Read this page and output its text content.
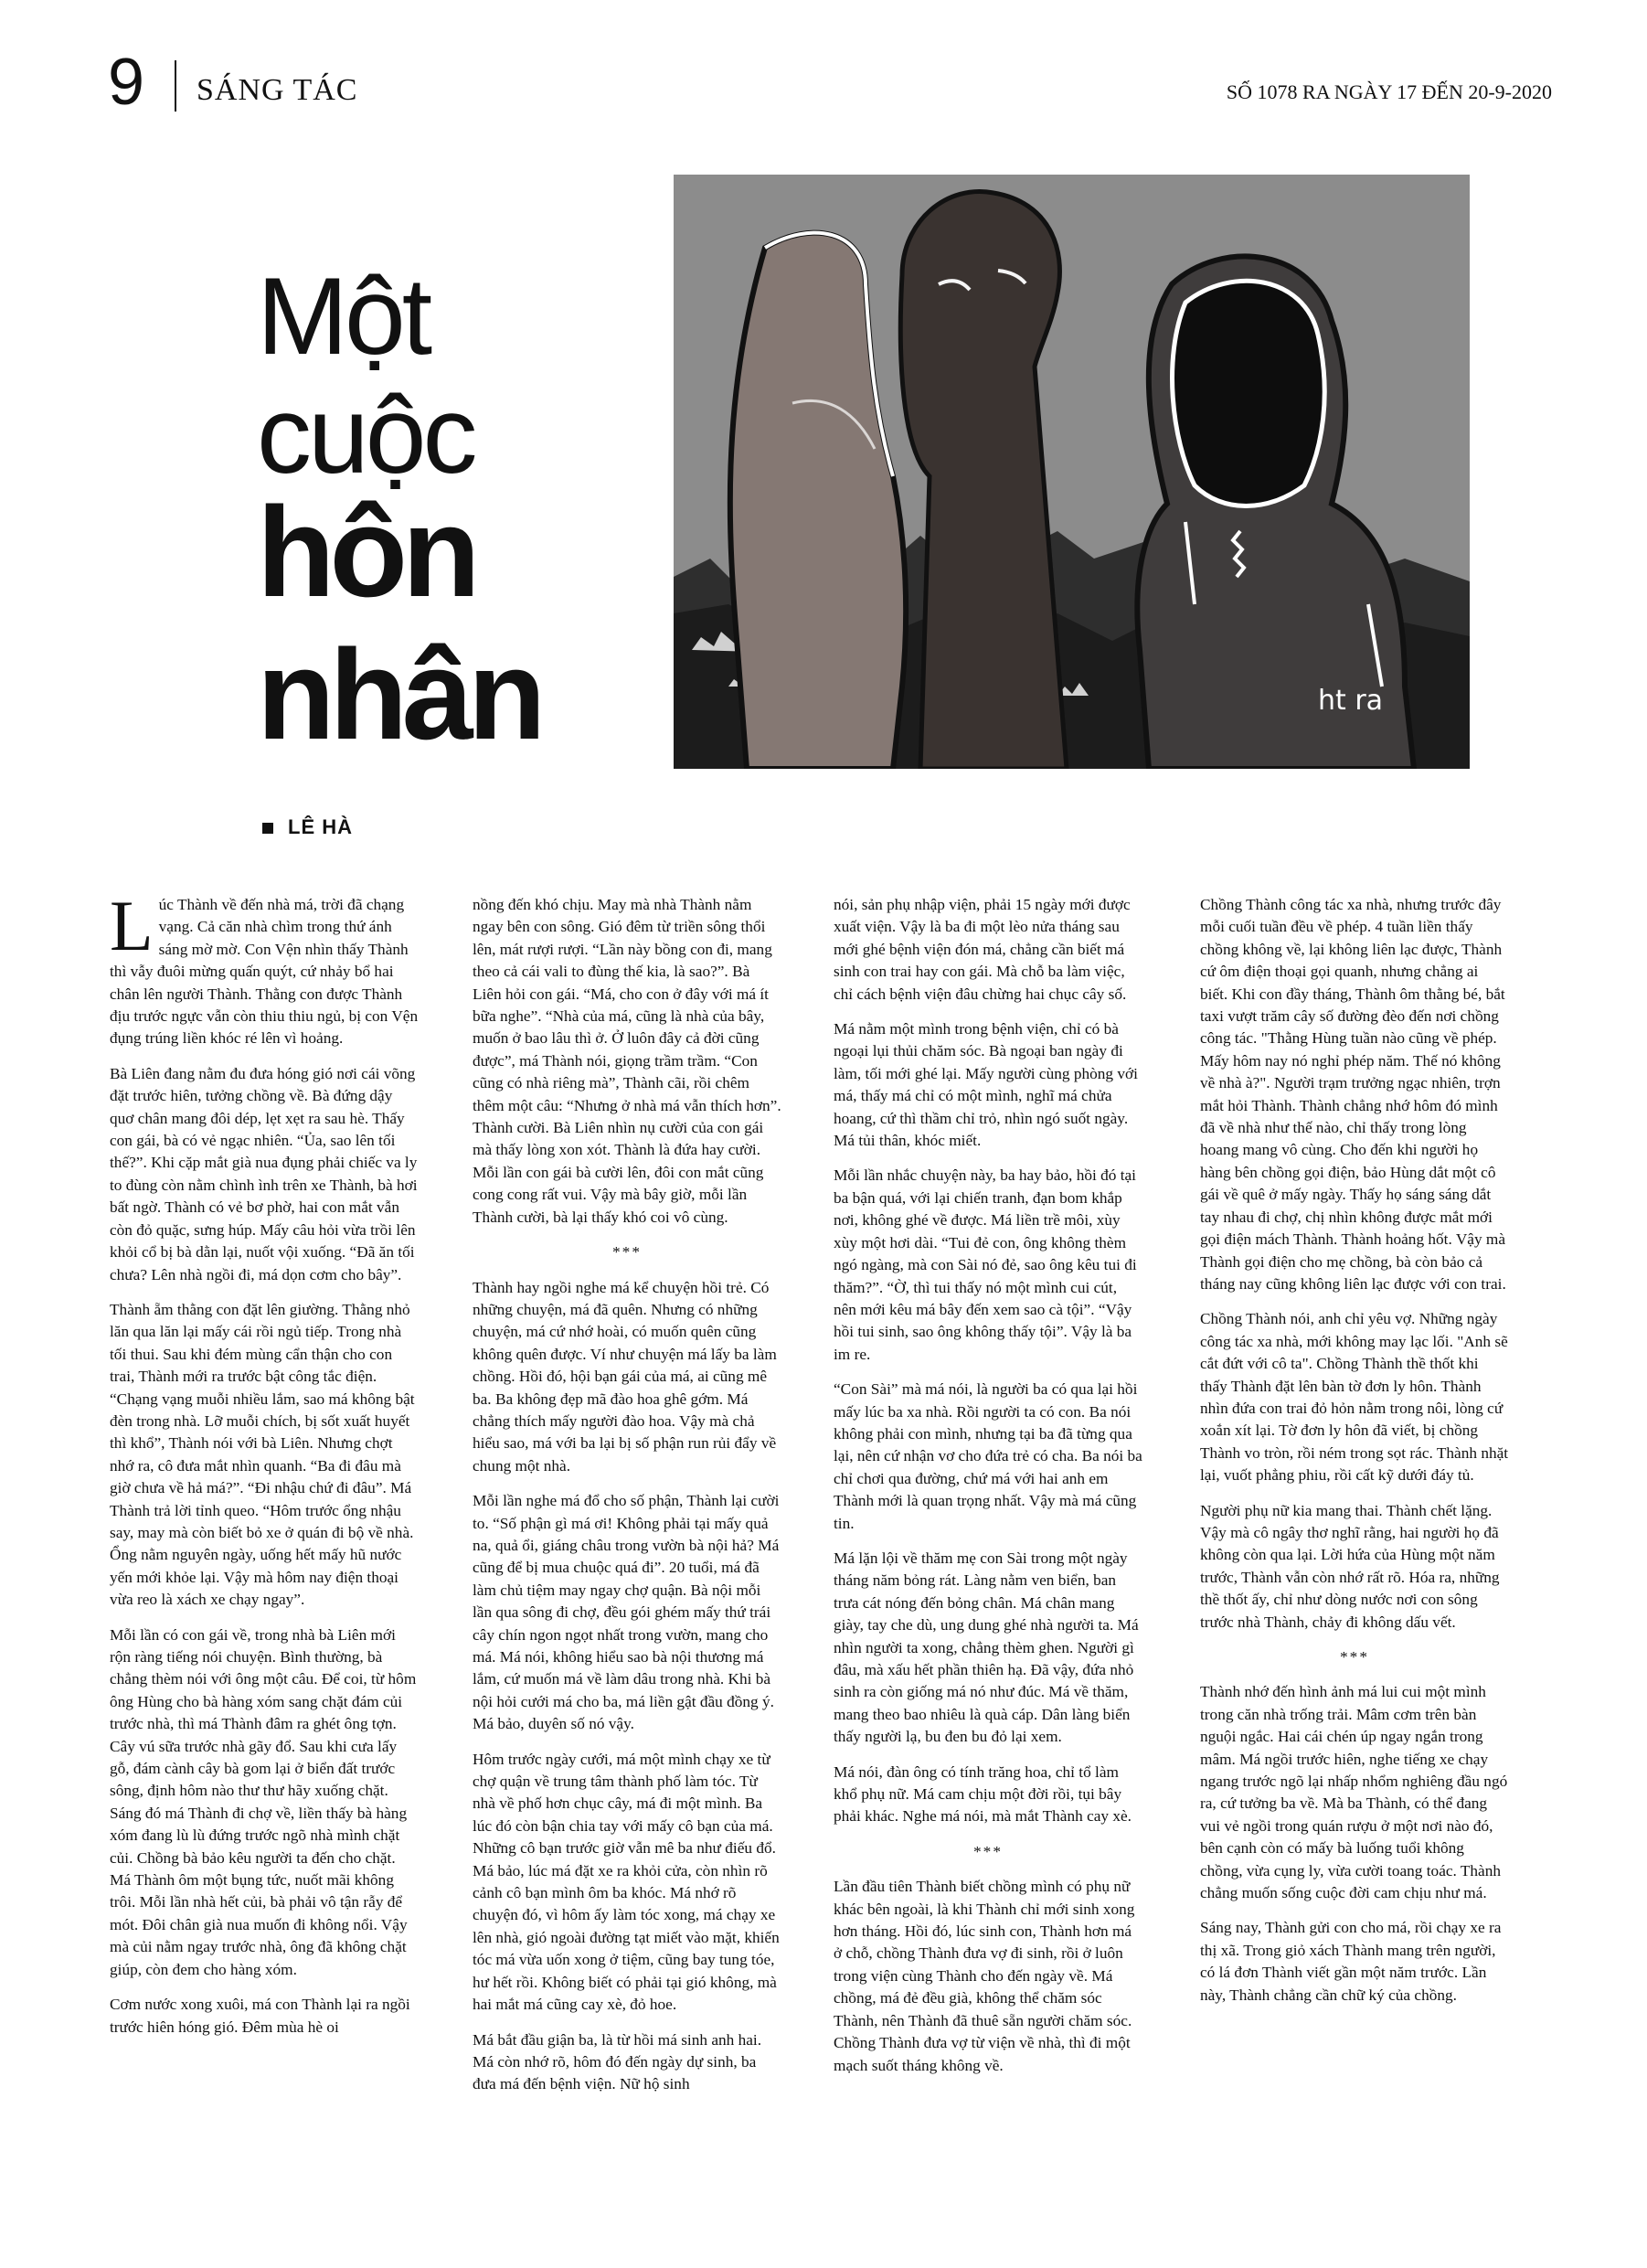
9 SÁNG TÁC	SỐ 1078 RA NGÀY 17 ĐẾN 20-9-2020
Một
cuộc
hôn
nhân
LÊ HÀ
ht ra

Lúc Thành về đến nhà má, trời đã chạng vạng. Cả căn nhà chìm trong thứ ánh sáng mờ mờ. Con Vện nhìn thấy Thành thì vẫy đuôi mừng quấn quýt, cứ nhảy bổ hai chân lên người Thành. Thằng con được Thành địu trước ngực vẫn còn thiu thiu ngủ, bị con Vện đụng trúng liền khóc ré lên vì hoảng.

Bà Liên đang nằm đu đưa hóng gió nơi cái võng đặt trước hiên, tưởng chồng về. Bà đứng dậy quơ chân mang đôi dép, lẹt xẹt ra sau hè. Thấy con gái, bà có vẻ ngạc nhiên. “Ủa, sao lên tối thế?”. Khi cặp mắt già nua đụng phải chiếc va ly to đùng còn nằm chình ình trên xe Thành, bà hơi bất ngờ. Thành có vẻ bơ phờ, hai con mắt vẫn còn đỏ quặc, sưng húp. Mấy câu hỏi vừa trồi lên khỏi cổ bị bà dằn lại, nuốt vội xuống. “Đã ăn tối chưa? Lên nhà ngồi đi, má dọn cơm cho bây”.

Thành ẵm thằng con đặt lên giường. Thằng nhỏ lăn qua lăn lại mấy cái rồi ngủ tiếp. Trong nhà tối thui. Sau khi đém mùng cẩn thận cho con trai, Thành mới ra trước bật công tắc điện. “Chạng vạng muỗi nhiều lắm, sao má không bật đèn trong nhà. Lỡ muỗi chích, bị sốt xuất huyết thì khổ”, Thành nói với bà Liên. Nhưng chợt nhớ ra, cô đưa mắt nhìn quanh. “Ba đi đâu mà giờ chưa về hả má?”. “Đi nhậu chứ đi đâu”. Má Thành trả lời tỉnh queo. “Hôm trước ổng nhậu say, may mà còn biết bỏ xe ở quán đi bộ về nhà. Ổng nằm nguyên ngày, uống hết mấy hũ nước yến mới khỏe lại. Vậy mà hôm nay điện thoại vừa reo là xách xe chạy ngay”.

Mỗi lần có con gái về, trong nhà bà Liên mới rộn ràng tiếng nói chuyện. Bình thường, bà chẳng thèm nói với ông một câu. Để coi, từ hôm ông Hùng cho bà hàng xóm sang chặt đám củi trước nhà, thì má Thành đâm ra ghét ông tợn. Cây vú sữa trước nhà gãy đổ. Sau khi cưa lấy gỗ, đám cành cây bà gom lại ở biển đất trước sông, định hôm nào thư thư hãy xuống chặt. Sáng đó má Thành đi chợ về, liền thấy bà hàng xóm đang lù lù đứng trước ngõ nhà mình chặt củi. Chồng bà bảo kêu người ta đến cho chặt. Má Thành ôm một bụng tức, nuốt mãi không trôi. Mỗi lần nhà hết củi, bà phải vô tận rẫy để mót. Đôi chân già nua muốn đi không nổi. Vậy mà củi nằm ngay trước nhà, ông đã không chặt giúp, còn đem cho hàng xóm.

Cơm nước xong xuôi, má con Thành lại ra ngồi trước hiên hóng gió. Đêm mùa hè oi

nồng đến khó chịu. May mà nhà Thành nằm ngay bên con sông. Gió đêm từ triền sông thổi lên, mát rượi rượi. “Lần này bồng con đi, mang theo cả cái vali to đùng thế kia, là sao?”. Bà Liên hỏi con gái. “Má, cho con ở đây với má ít bữa nghe”. “Nhà của má, cũng là nhà của bây, muốn ở bao lâu thì ở. Ở luôn đây cả đời cũng được”, má Thành nói, giọng trầm trầm. “Con cũng có nhà riêng mà”, Thành cãi, rồi chêm thêm một câu: “Nhưng ở nhà má vẫn thích hơn”. Thành cười. Bà Liên nhìn nụ cười của con gái mà thấy lòng xon xót. Thành là đứa hay cười. Mỗi lần con gái bà cười lên, đôi con mắt cũng cong cong rất vui. Vậy mà bây giờ, mỗi lần Thành cười, bà lại thấy khó coi vô cùng.

***

Thành hay ngồi nghe má kể chuyện hồi trẻ. Có những chuyện, má đã quên. Nhưng có những chuyện, má cứ nhớ hoài, có muốn quên cũng không quên được. Ví như chuyện má lấy ba làm chồng. Hồi đó, hội bạn gái của má, ai cũng mê ba. Ba không đẹp mã đào hoa ghê gớm. Má chẳng thích mấy người đào hoa. Vậy mà chả hiểu sao, má với ba lại bị số phận run rủi đẩy về chung một nhà.

Mỗi lần nghe má đổ cho số phận, Thành lại cười to. “Số phận gì má ơi! Không phải tại mấy quả na, quả ổi, giáng châu trong vườn bà nội hả? Má cũng để bị mua chuộc quá đi”. 20 tuổi, má đã làm chủ tiệm may ngay chợ quận. Bà nội mỗi lần qua sông đi chợ, đều gói ghém mấy thứ trái cây chín ngon ngọt nhất trong vườn, mang cho má. Má nói, không hiểu sao bà nội thương má lắm, cứ muốn má về làm dâu trong nhà. Khi bà nội hỏi cưới má cho ba, má liền gật đầu đồng ý. Má bảo, duyên số nó vậy.

Hôm trước ngày cưới, má một mình chạy xe từ chợ quận về trung tâm thành phố làm tóc. Từ nhà về phố hơn chục cây, má đi một mình. Ba lúc đó còn bận chia tay với mấy cô bạn của má. Những cô bạn trước giờ vẫn mê ba như điếu đổ. Má bảo, lúc má đặt xe ra khỏi cửa, còn nhìn rõ cảnh cô bạn mình ôm ba khóc. Má nhớ rõ chuyện đó, vì hôm ấy làm tóc xong, má chạy xe lên nhà, gió ngoài đường tạt miết vào mặt, khiến tóc má vừa uốn xong ở tiệm, cũng bay tung tóe, hư hết rồi. Không biết có phải tại gió không, mà hai mắt má cũng cay xè, đỏ hoe.

Má bắt đầu giận ba, là từ hồi má sinh anh hai. Má còn nhớ rõ, hôm đó đến ngày dự sinh, ba đưa má đến bệnh viện. Nữ hộ sinh

nói, sản phụ nhập viện, phải 15 ngày mới được xuất viện. Vậy là ba đi một lèo nửa tháng sau mới ghé bệnh viện đón má, chẳng cần biết má sinh con trai hay con gái. Mà chỗ ba làm việc, chỉ cách bệnh viện đâu chừng hai chục cây số.

Má nằm một mình trong bệnh viện, chỉ có bà ngoại lụi thủi chăm sóc. Bà ngoại ban ngày đi làm, tối mới ghé lại. Mấy người cùng phòng với má, thấy má chỉ có một mình, nghĩ má chửa hoang, cứ thì thầm chỉ trỏ, nhìn ngó suốt ngày. Má tủi thân, khóc miết.

Mỗi lần nhắc chuyện này, ba hay bảo, hồi đó tại ba bận quá, với lại chiến tranh, đạn bom khắp nơi, không ghé về được. Má liền trề môi, xùy xùy một hơi dài. “Tui đẻ con, ông không thèm ngó ngàng, mà con Sài nó đẻ, sao ông kêu tui đi thăm?”. “Ờ, thì tui thấy nó một mình cui cút, nên mới kêu má bây đến xem sao cà tội”. “Vậy hồi tui sinh, sao ông không thấy tội”. Vậy là ba im re.

“Con Sài” mà má nói, là người ba có qua lại hồi mấy lúc ba xa nhà. Rồi người ta có con. Ba nói không phải con mình, nhưng tại ba đã từng qua lại, nên cứ nhận vơ cho đứa trẻ có cha. Ba nói ba chỉ chơi qua đường, chứ má với hai anh em Thành mới là quan trọng nhất. Vậy mà má cũng tin.

Má lặn lội về thăm mẹ con Sài trong một ngày tháng năm bỏng rát. Làng nằm ven biển, ban trưa cát nóng đến bỏng chân. Má chân mang giày, tay che dù, ung dung ghé nhà người ta. Má nhìn người ta xong, chẳng thèm ghen. Người gì đâu, mà xấu hết phần thiên hạ. Đã vậy, đứa nhỏ sinh ra còn giống má nó như đúc. Má về thăm, mang theo bao nhiêu là quà cáp. Dân làng biển thấy người lạ, bu đen bu đỏ lại xem.

Má nói, đàn ông có tính trăng hoa, chỉ tổ làm khổ phụ nữ. Má cam chịu một đời rồi, tụi bây phải khác. Nghe má nói, mà mắt Thành cay xè.

***

Lần đầu tiên Thành biết chồng mình có phụ nữ khác bên ngoài, là khi Thành chỉ mới sinh xong hơn tháng. Hồi đó, lúc sinh con, Thành hơn má ở chỗ, chồng Thành đưa vợ đi sinh, rồi ở luôn trong viện cùng Thành cho đến ngày về. Má chồng, má đẻ đều già, không thể chăm sóc Thành, nên Thành đã thuê sẵn người chăm sóc. Chồng Thành đưa vợ từ viện về nhà, thì đi một mạch suốt tháng không về.

Chồng Thành công tác xa nhà, nhưng trước đây mỗi cuối tuần đều về phép. 4 tuần liền thấy chồng không về, lại không liên lạc được, Thành cứ ôm điện thoại gọi quanh, nhưng chẳng ai biết. Khi con đầy tháng, Thành ôm thằng bé, bắt taxi vượt trăm cây số đường đèo đến nơi chồng công tác. "Thằng Hùng tuần nào cũng về phép. Mấy hôm nay nó nghỉ phép năm. Thế nó không về nhà à?". Người trạm trưởng ngạc nhiên, trợn mắt hỏi Thành. Thành chẳng nhớ hôm đó mình đã về nhà như thế nào, chỉ thấy trong lòng hoang mang vô cùng. Cho đến khi người họ hàng bên chồng gọi điện, bảo Hùng dắt một cô gái về quê ở mấy ngày. Thấy họ sáng sáng dắt tay nhau đi chợ, chị nhìn không được mắt mới gọi điện mách Thành. Thành hoảng hốt. Vậy mà Thành gọi điện cho mẹ chồng, bà còn bảo cả tháng nay cũng không liên lạc được với con trai.

Chồng Thành nói, anh chỉ yêu vợ. Những ngày công tác xa nhà, mới không may lạc lối. "Anh sẽ cắt đứt với cô ta". Chồng Thành thề thốt khi thấy Thành đặt lên bàn tờ đơn ly hôn. Thành nhìn đứa con trai đỏ hỏn nằm trong nôi, lòng cứ xoắn xít lại. Tờ đơn ly hôn đã viết, bị chồng Thành vo tròn, rồi ném trong sọt rác. Thành nhặt lại, vuốt phẳng phiu, rồi cất kỹ dưới đáy tủ.

Người phụ nữ kia mang thai. Thành chết lặng. Vậy mà cô ngây thơ nghĩ rằng, hai người họ đã không còn qua lại. Lời hứa của Hùng một năm trước, Thành vẫn còn nhớ rất rõ. Hóa ra, những thề thốt ấy, chỉ như dòng nước nơi con sông trước nhà Thành, chảy đi không dấu vết.

***

Thành nhớ đến hình ảnh má lui cui một mình trong căn nhà trống trải. Mâm cơm trên bàn nguội ngắc. Hai cái chén úp ngay ngắn trong mâm. Má ngồi trước hiên, nghe tiếng xe chạy ngang trước ngõ lại nhấp nhổm nghiêng đầu ngó ra, cứ tưởng ba về. Mà ba Thành, có thể đang vui vẻ ngồi trong quán rượu ở một nơi nào đó, bên cạnh còn có mấy bà luống tuổi không chồng, vừa cụng ly, vừa cười toang toác. Thành chẳng muốn sống cuộc đời cam chịu như má.

Sáng nay, Thành gửi con cho má, rồi chạy xe ra thị xã. Trong giỏ xách Thành mang trên người, có lá đơn Thành viết gần một năm trước. Lần này, Thành chẳng cần chữ ký của chồng.
